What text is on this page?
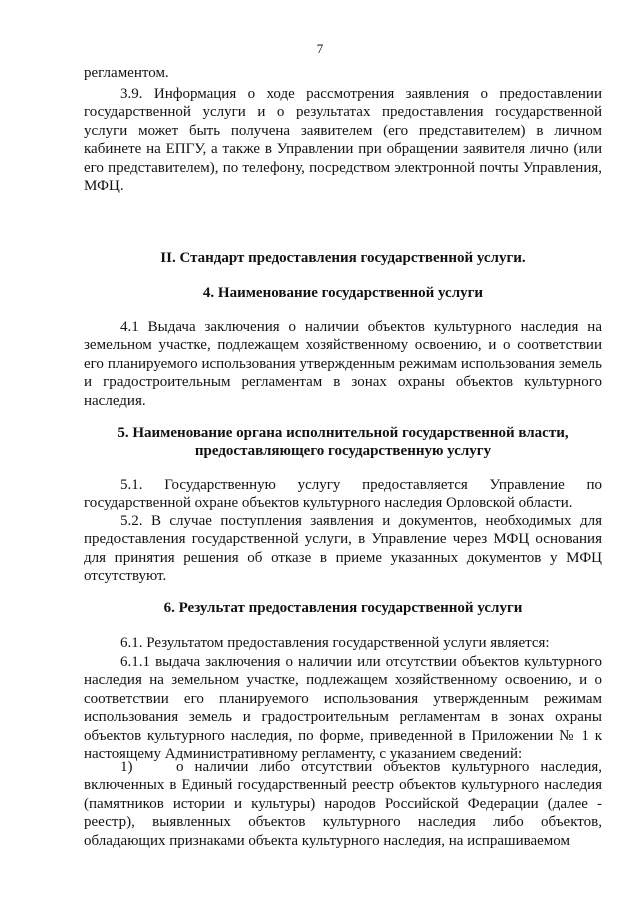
7

регламентом.

3.9. Информация о ходе рассмотрения заявления о предоставлении государственной услуги и о результатах предоставления государственной услуги может быть получена заявителем (его представителем) в личном кабинете на ЕПГУ, а также в Управлении при обращении заявителя лично (или его представителем), по телефону, посредством электронной почты Управления, МФЦ.

II. Стандарт предоставления государственной услуги.
4. Наименование государственной услуги

4.1 Выдача заключения о наличии объектов культурного наследия на земельном участке, подлежащем хозяйственному освоению, и о соответствии его планируемого использования утвержденным режимам использования земель и градостроительным регламентам в зонах охраны объектов культурного наследия.

5. Наименование органа исполнительной государственной власти,
предоставляющего государственную услугу

5.1. Государственную услугу предоставляется Управление по государственной охране объектов культурного наследия Орловской области.

5.2. В случае поступления заявления и документов, необходимых для предоставления государственной услуги, в Управление через МФЦ основания для принятия решения об отказе в приеме указанных документов у МФЦ отсутствуют.

6. Результат предоставления государственной услуги

6.1. Результатом предоставления государственной услуги является:

6.1.1 выдача заключения о наличии или отсутствии объектов культурного наследия на земельном участке, подлежащем хозяйственному освоению, и о соответствии его планируемого использования утвержденным режимам использования земель и градостроительным регламентам в зонах охраны объектов культурного наследия, по форме, приведенной в Приложении № 1 к настоящему Административному регламенту, с указанием сведений:

1)	о наличии либо отсутствии объектов культурного наследия, включенных в Единый государственный реестр объектов культурного наследия (памятников истории и культуры) народов Российской Федерации (далее - реестр), выявленных объектов культурного наследия либо объектов, обладающих признаками объекта культурного наследия, на испрашиваемом
